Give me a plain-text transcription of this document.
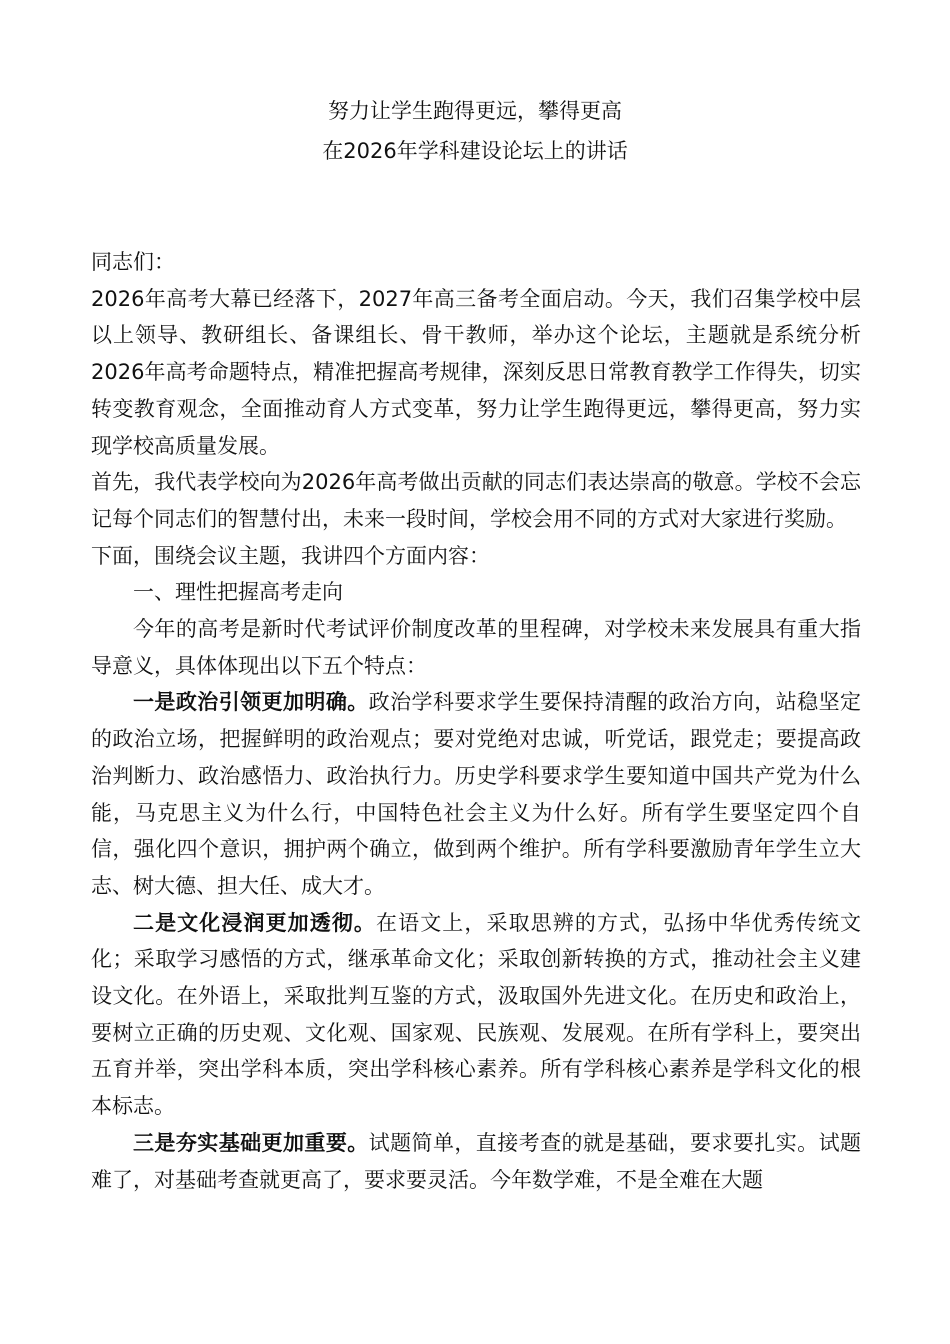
努力让学生跑得更远，攀得更高
在2026年学科建设论坛上的讲话

同志们：

2026年高考大幕已经落下，2027年高三备考全面启动。今天，我们召集学校中层以上领导、教研组长、备课组长、骨干教师，举办这个论坛，主题就是系统分析2026年高考命题特点，精准把握高考规律，深刻反思日常教育教学工作得失，切实转变教育观念，全面推动育人方式变革，努力让学生跑得更远，攀得更高，努力实现学校高质量发展。

首先，我代表学校向为2026年高考做出贡献的同志们表达崇高的敬意。学校不会忘记每个同志们的智慧付出，未来一段时间，学校会用不同的方式对大家进行奖励。

下面，围绕会议主题，我讲四个方面内容：

一、理性把握高考走向

今年的高考是新时代考试评价制度改革的里程碑，对学校未来发展具有重大指导意义，具体体现出以下五个特点：

一是政治引领更加明确。政治学科要求学生要保持清醒的政治方向，站稳坚定的政治立场，把握鲜明的政治观点；要对党绝对忠诚，听党话，跟党走；要提高政治判断力、政治感悟力、政治执行力。历史学科要求学生要知道中国共产党为什么能，马克思主义为什么行，中国特色社会主义为什么好。所有学生要坚定四个自信，强化四个意识，拥护两个确立，做到两个维护。所有学科要激励青年学生立大志、树大德、担大任、成大才。

二是文化浸润更加透彻。在语文上，采取思辨的方式，弘扬中华优秀传统文化；采取学习感悟的方式，继承革命文化；采取创新转换的方式，推动社会主义建设文化。在外语上，采取批判互鉴的方式，汲取国外先进文化。在历史和政治上，要树立正确的历史观、文化观、国家观、民族观、发展观。在所有学科上，要突出五育并举，突出学科本质，突出学科核心素养。所有学科核心素养是学科文化的根本标志。

三是夯实基础更加重要。试题简单，直接考查的就是基础，要求要扎实。试题难了，对基础考查就更高了，要求要灵活。今年数学难，不是全难在大题
